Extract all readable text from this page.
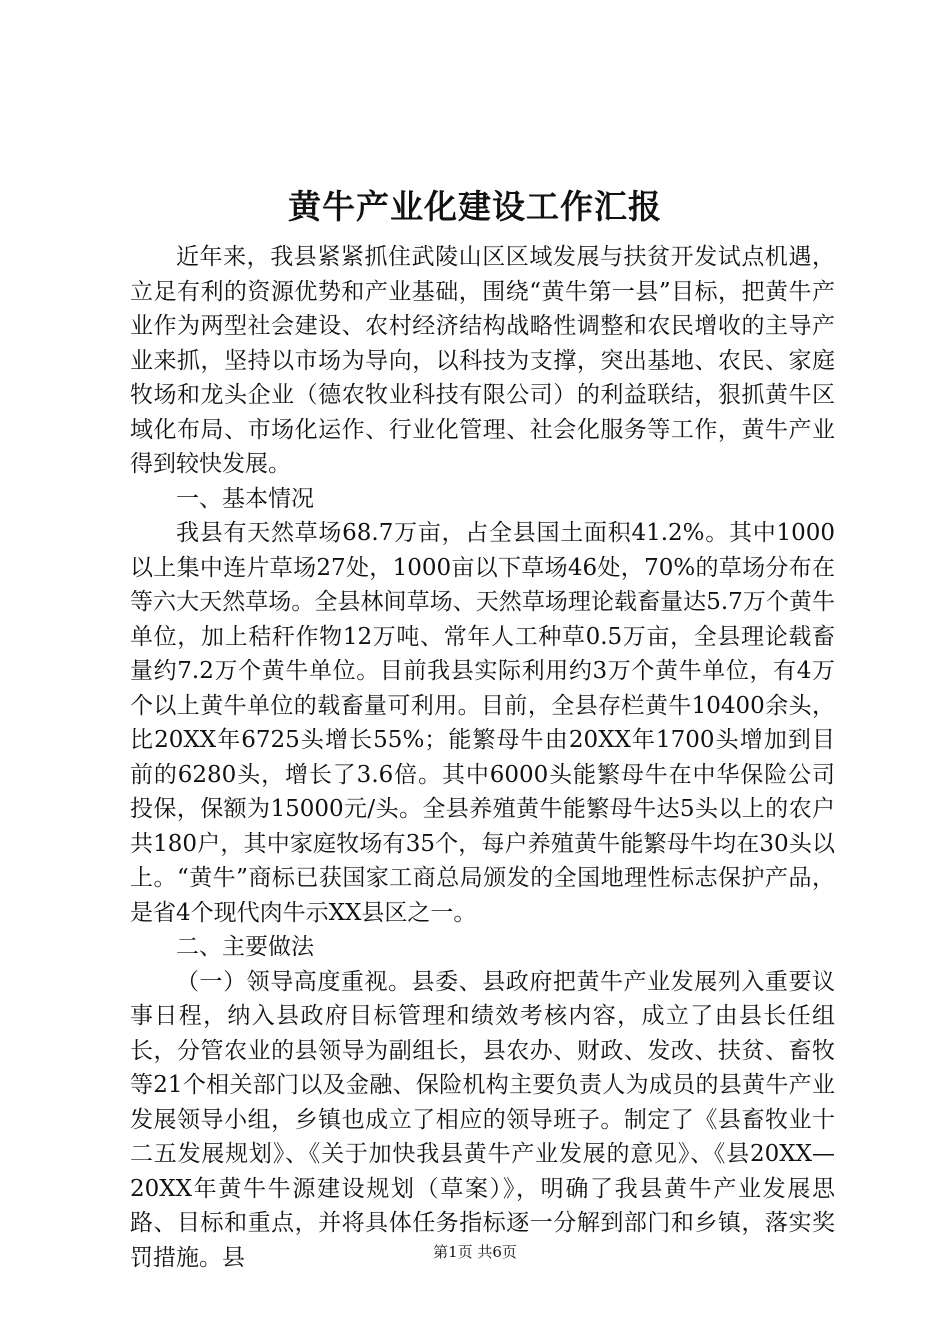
黄牛产业化建设工作汇报

近年来，我县紧紧抓住武陵山区区域发展与扶贫开发试点机遇，立足有利的资源优势和产业基础，围绕“黄牛第一县”目标，把黄牛产业作为两型社会建设、农村经济结构战略性调整和农民增收的主导产业来抓，坚持以市场为导向，以科技为支撑，突出基地、农民、家庭牧场和龙头企业（德农牧业科技有限公司）的利益联结，狠抓黄牛区域化布局、市场化运作、行业化管理、社会化服务等工作，黄牛产业得到较快发展。

一、基本情况

我县有天然草场68.7万亩，占全县国土面积41.2%。其中1000以上集中连片草场27处，1000亩以下草场46处，70%的草场分布在等六大天然草场。全县林间草场、天然草场理论载畜量达5.7万个黄牛单位，加上秸秆作物12万吨、常年人工种草0.5万亩，全县理论载畜量约7.2万个黄牛单位。目前我县实际利用约3万个黄牛单位，有4万个以上黄牛单位的载畜量可利用。目前，全县存栏黄牛10400余头，比20XX年6725头增长55%；能繁母牛由20XX年1700头增加到目前的6280头，增长了3.6倍。其中6000头能繁母牛在中华保险公司投保，保额为15000元/头。全县养殖黄牛能繁母牛达5头以上的农户共180户，其中家庭牧场有35个，每户养殖黄牛能繁母牛均在30头以上。“黄牛”商标已获国家工商总局颁发的全国地理性标志保护产品，是省4个现代肉牛示XX县区之一。

二、主要做法

（一）领导高度重视。县委、县政府把黄牛产业发展列入重要议事日程，纳入县政府目标管理和绩效考核内容，成立了由县长任组长，分管农业的县领导为副组长，县农办、财政、发改、扶贫、畜牧等21个相关部门以及金融、保险机构主要负责人为成员的县黄牛产业发展领导小组，乡镇也成立了相应的领导班子。制定了《县畜牧业十二五发展规划》、《关于加快我县黄牛产业发展的意见》、《县20XX—20XX年黄牛牛源建设规划（草案）》，明确了我县黄牛产业发展思路、目标和重点，并将具体任务指标逐一分解到部门和乡镇，落实奖罚措施。县	第1页 共6页
